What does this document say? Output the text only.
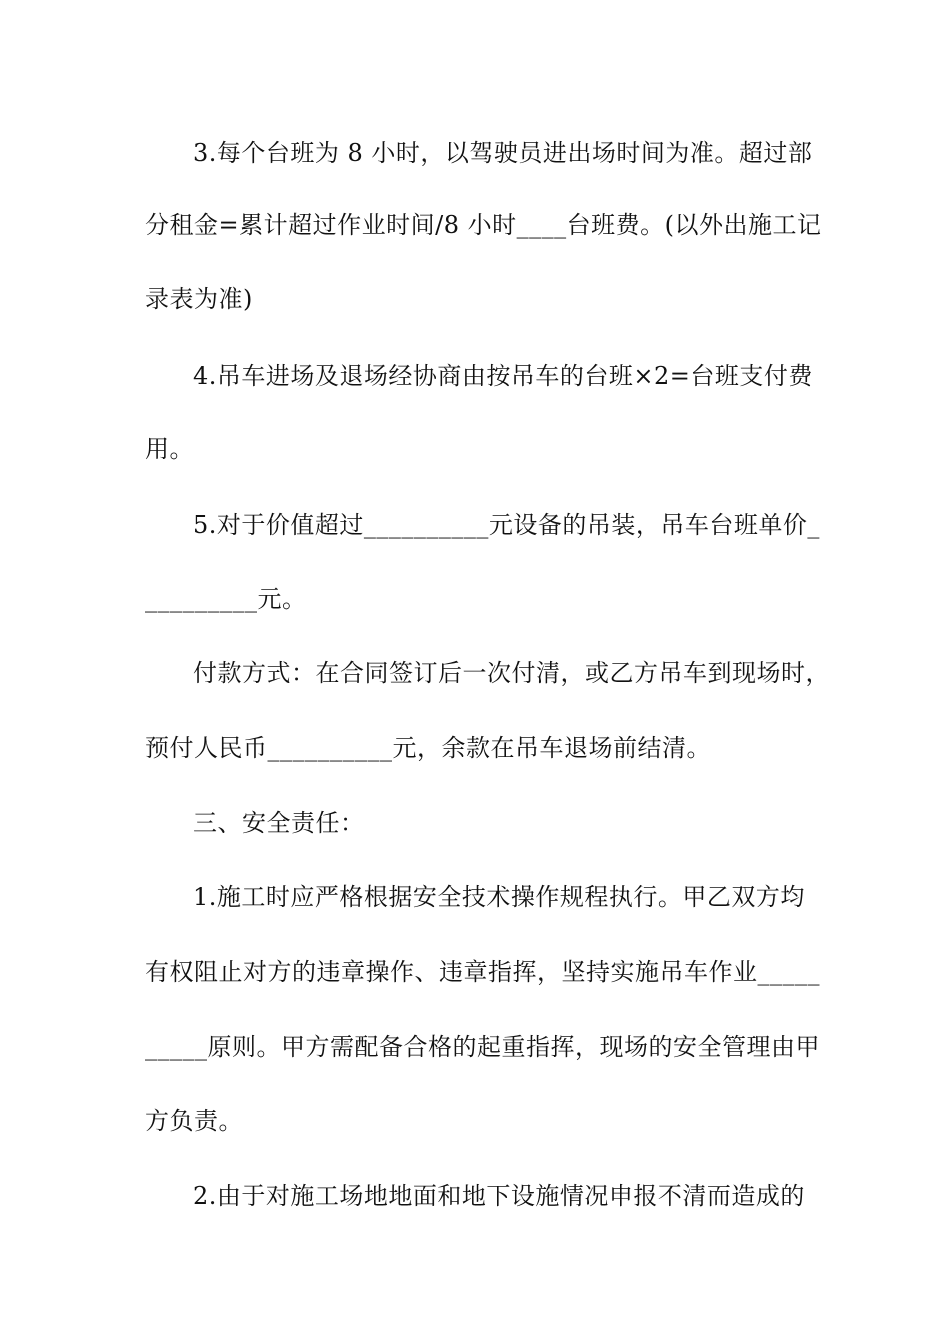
3.每个台班为 8 小时，以驾驶员进出场时间为准。超过部
分租金=累计超过作业时间/8 小时____台班费。(以外出施工记
录表为准)
4.吊车进场及退场经协商由按吊车的台班×2=台班支付费
用。
5.对于价值超过__________元设备的吊装，吊车台班单价_
_________元。
付款方式：在合同签订后一次付清，或乙方吊车到现场时，
预付人民币__________元，余款在吊车退场前结清。
三、安全责任：
1.施工时应严格根据安全技术操作规程执行。甲乙双方均
有权阻止对方的违章操作、违章指挥，坚持实施吊车作业_____
_____原则。甲方需配备合格的起重指挥，现场的安全管理由甲
方负责。
2.由于对施工场地地面和地下设施情况申报不清而造成的
